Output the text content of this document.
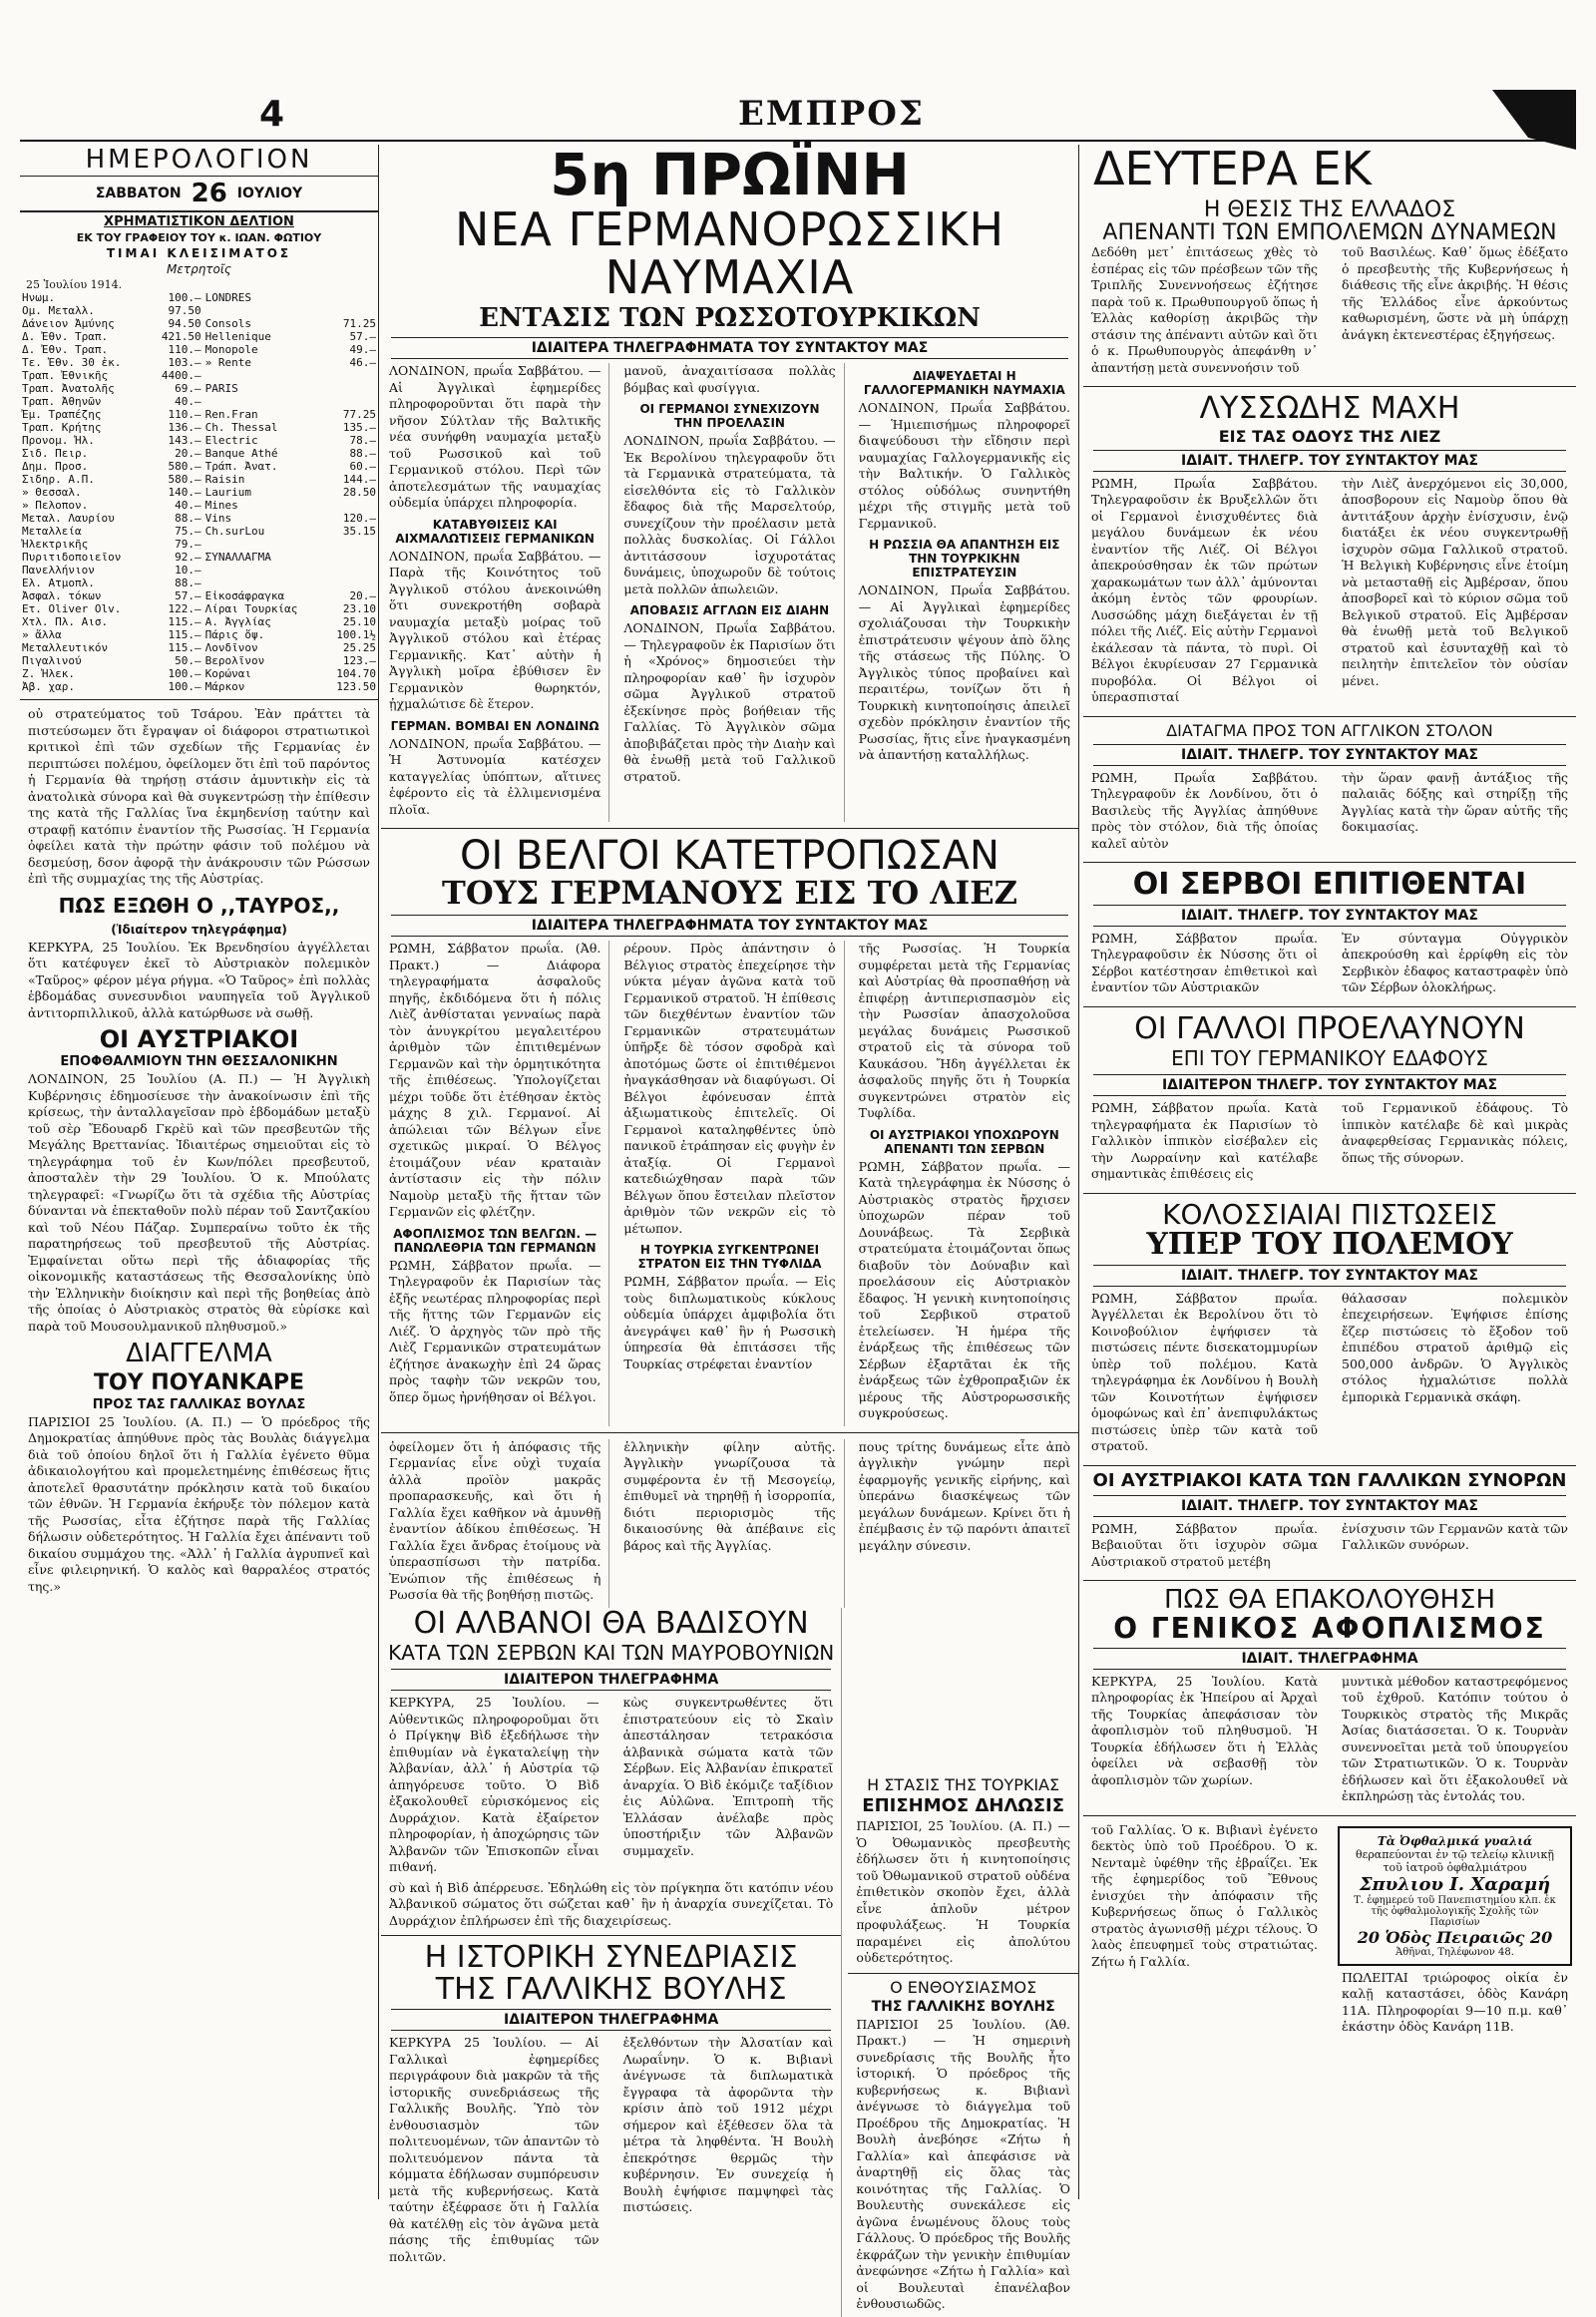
4	ΕΜΠΡΟΣ
ΗΜΕΡΟΛΟΓΙΟΝ
ΣΑΒΒΑΤΟΝ 26 ΙΟΥΛΙΟΥ
ΧΡΗΜΑΤΙΣΤΙΚΟΝ ΔΕΛΤΙΟΝ
ΕΚ ΤΟΥ ΓΡΑΦΕΙΟΥ ΤΟΥ κ. ΙΩΑΝ. ΦΩΤΙΟΥ
ΤΙΜΑΙ ΚΛΕΙΣΙΜΑΤΟΣ
Μετρητοῖς
25 Ἰουλίου 1914.
Ηνωμ.	100.—	LONDRES	
Ομ. Μεταλλ.	97.50		
Δάνειον Ἀμύνης	94.50	Consols	71.25
Δ. Ἐθν. Τραπ.	421.50	Hellenique	57.—
Δ. Ἐθν. Τραπ.	110.—	Monopole	49.—
Τε. Ἐθν. 30 ἐκ.	103.—	» Rente	46.—
Τραπ. Ἐθνικῆς	4400.—		
Τραπ. Ἀνατολῆς	69.—	PARIS	
Τραπ. Ἀθηνῶν	40.—		
Ἐμ. Τραπέζης	110.—	Ren.Fran	77.25
Τραπ. Κρήτης	136.—	Ch. Thessal	135.—
Προνομ. Ἠλ.	143.—	Electric	78.—
Σιδ. Πειρ.	20.—	Banque Athé	88.—
Δημ. Προσ.	580.—	Τράπ. Ἀνατ.	60.—
Σιδηρ. Α.Π.	580.—	Raisin	144.—
» Θεσσαλ.	140.—	Laurium	28.50
» Πελοπον.	40.—	Mines	
Μεταλ. Λαυρίου	88.—	Vins	120.—
Μεταλλεία	75.—	Ch.surLou	35.15
Ἠλεκτρικῆς	79.—		
Πυριτιδοποιεῖον	92.—	ΣΥΝΑΛΛΑΓΜΑ	
Πανελλήνιον	10.—		
Ελ. Ατμοπλ.	88.—		
Ἀσφαλ. τόκων	57.—	Εἰκοσάφραγκα	20.—
Ετ. Oliver Olv.	122.—	Λίραι Τουρκίας	23.10
Χτλ. Πλ. Αισ.	115.—	Α. Ἀγγλίας	25.10
» ἄλλα	115.—	Πάρις ὄψ.	100.1½
Μεταλλευτικόν	115.—	Λονδῖνον	25.25
Πιγαλινού	50.—	Βερολῖνον	123.—
Ζ. Ἠλεκ.	100.—	Κορώναι	104.70
Ἀβ. χαρ.	100.—	Μάρκον	123.50

οὐ στρατεύματος τοῦ Τσάρου. Ἐὰν πράττει τὰ πιστεύσωμεν ὅτι ἔγραψαν οἱ διάφοροι στρατιωτικοὶ κριτικοὶ ἐπὶ τῶν σχεδίων τῆς Γερμανίας ἐν περιπτώσει πολέμου, ὀφείλομεν ὅτι ἐπὶ τοῦ παρόντος ἡ Γερμανία θὰ τηρήσῃ στάσιν ἀμυντικὴν εἰς τὰ ἀνατολικὰ σύνορα καὶ θὰ συγκεντρώσῃ τὴν ἐπίθεσιν της κατὰ τῆς Γαλλίας ἵνα ἐκμηδενίσῃ ταύτην καὶ στραφῇ κατόπιν ἐναντίον τῆς Ρωσσίας. Ἡ Γερμανία ὀφείλει κατὰ τὴν πρώτην φάσιν τοῦ πολέμου νὰ δεσμεύσῃ, δσον ἀφορᾷ τὴν ἀνάκρουσιν τῶν Ρώσσων ἐπὶ τῆς συμμαχίας της τῆς Αὐστρίας.

ΠΩΣ ΕΞΩΘΗ Ο ,,ΤΑΥΡΟΣ,,
(Ἰδιαίτερον τηλεγράφημα)

ΚΕΡΚΥΡΑ, 25 Ἰουλίου. Ἐκ Βρενδησίου ἀγγέλλεται ὅτι κατέφυγεν ἐκεῖ τὸ Αὐστριακὸν πολεμικὸν «Ταῦρος» φέρον μέγα ρήγμα. «Ὁ Ταῦρος» ἐπὶ πολλὰς ἑβδομάδας συνεσυνδιοι ναυπηγεῖα τοῦ Ἀγγλικοῦ ἀντιτορπιλλικοῦ, ἀλλὰ κατώρθωσε νὰ σωθῇ.

ΟΙ ΑΥΣΤΡΙΑΚΟΙ
ΕΠΟΦΘΑΛΜΙΟΥΝ ΤΗΝ ΘΕΣΣΑΛΟΝΙΚΗΝ

ΛΟΝΔΙΝΟΝ, 25 Ἰουλίου (Α. Π.) — Ἡ Ἀγγλικὴ Κυβέρνησις ἐδημοσίευσε τὴν ἀνακοίνωσιν ἐπὶ τῆς κρίσεως, τὴν ἀνταλλαγεῖσαν πρὸ ἑβδομάδων μεταξὺ τοῦ σὲρ Ἔδουαρδ Γκρὲϋ καὶ τῶν πρεσβευτῶν τῆς Μεγάλης Βρεττανίας. Ἰδιαιτέρως σημειοῦται εἰς τὸ τηλεγράφημα τοῦ ἐν Κων/πόλει πρεσβευτοῦ, ἀποσταλὲν τὴν 29 Ἰουλίου. Ὁ κ. Μπούλατς τηλεγραφεῖ: «Γνωρίζω ὅτι τὰ σχέδια τῆς Αὐστρίας δύνανται νὰ ἐπεκταθοῦν πολὺ πέραν τοῦ Σαντζακίου καὶ τοῦ Νέου Πάζαρ. Συμπεραίνω τοῦτο ἐκ τῆς παρατηρήσεως τοῦ πρεσβευτοῦ τῆς Αὐστρίας. Ἐμφαίνεται οὕτω περὶ τῆς ἀδιαφορίας τῆς οἰκονομικῆς καταστάσεως τῆς Θεσσαλονίκης ὑπὸ τὴν Ἑλληνικὴν διοίκησιν καὶ περὶ τῆς βοηθείας ἀπὸ τῆς ὁποίας ὁ Αὐστριακὸς στρατὸς θὰ εὑρίσκε καὶ παρὰ τοῦ Μουσουλμανικοῦ πληθυσμοῦ.»

ΔΙΑΓΓΕΛΜΑ
ΤΟΥ ΠΟΥΑΝΚΑΡΕ
ΠΡΟΣ ΤΑΣ ΓΑΛΛΙΚΑΣ ΒΟΥΛΑΣ

ΠΑΡΙΣΙΟΙ 25 Ἰουλίου. (Α. Π.) — Ὁ πρόεδρος τῆς Δημοκρατίας ἀπηύθυνε πρὸς τὰς Βουλὰς διάγγελμα διὰ τοῦ ὁποίου δηλοῖ ὅτι ἡ Γαλλία ἐγένετο θῦμα ἀδικαιολογήτου καὶ προμελετημένης ἐπιθέσεως ἥτις ἀποτελεῖ θρασυτάτην πρόκλησιν κατὰ τοῦ δικαίου τῶν ἐθνῶν. Ἡ Γερμανία ἐκήρυξε τὸν πόλεμον κατὰ τῆς Ρωσσίας, εἶτα ἐζήτησε παρὰ τῆς Γαλλίας δήλωσιν οὐδετερότητος. Ἡ Γαλλία ἔχει ἀπέναντι τοῦ δικαίου συμμάχου της. «Ἀλλ᾽ ἡ Γαλλία ἀγρυπνεῖ καὶ εἶνε φιλειρηνική. Ὁ καλὸς καὶ θαρραλέος στρατός της.»

5η ΠΡΩΪΝΗ
ΝΕΑ ΓΕΡΜΑΝΟΡΩΣΣΙΚΗ ΝΑΥΜΑΧΙΑ
ΕΝΤΑΣΙΣ ΤΩΝ ΡΩΣΣΟΤΟΥΡΚΙΚΩΝ
ΙΔΙΑΙΤΕΡΑ ΤΗΛΕΓΡΑΦΗΜΑΤΑ ΤΟΥ ΣΥΝΤΑΚΤΟΥ ΜΑΣ

ΛΟΝΔΙΝΟΝ, πρωΐα Σαββάτου. — Αἱ Ἀγγλικαὶ ἐφημερίδες πληροφοροῦνται ὅτι παρὰ τὴν νῆσον Σύλτλαν τῆς Βαλτικῆς νέα συνήφθη ναυμαχία μεταξὺ τοῦ Ρωσσικοῦ καὶ τοῦ Γερμανικοῦ στόλου. Περὶ τῶν ἀποτελεσμάτων τῆς ναυμαχίας οὐδεμία ὑπάρχει πληροφορία.

ΚΑΤΑΒΥΘΙΣΕΙΣ ΚΑΙ ΑΙΧΜΑΛΩΤΙΣΕΙΣ ΓΕΡΜΑΝΙΚΩΝ

ΛΟΝΔΙΝΟΝ, πρωΐα Σαββάτου. — Παρὰ τῆς Κοινότητος τοῦ Ἀγγλικοῦ στόλου ἀνεκοινώθη ὅτι συνεκροτήθη σοβαρὰ ναυμαχία μεταξὺ μοίρας τοῦ Ἀγγλικοῦ στόλου καὶ ἑτέρας Γερμανικῆς. Κατ᾽ αὐτὴν ἡ Ἀγγλικὴ μοῖρα ἐβύθισεν ἓν Γερμανικὸν θωρηκτόν, ᾐχμαλώτισε δὲ ἕτερον.

ΓΕΡΜΑΝ. ΒΟΜΒΑΙ ΕΝ ΛΟΝΔΙΝΩ

ΛΟΝΔΙΝΟΝ, πρωΐα Σαββάτου. — Ἡ Ἀστυνομία κατέσχεν καταγγελίας ὑπόπτων, αἵτινες ἐφέροντο εἰς τὰ ἐλλιμενισμένα πλοῖα.

μανοῦ, ἀναχαιτίσασα πολλὰς βόμβας καὶ φυσίγγια.

ΟΙ ΓΕΡΜΑΝΟΙ ΣΥΝΕΧΙΖΟΥΝ ΤΗΝ ΠΡΟΕΛΑΣΙΝ

ΛΟΝΔΙΝΟΝ, πρωΐα Σαββάτου. — Ἐκ Βερολίνου τηλεγραφοῦν ὅτι τὰ Γερμανικὰ στρατεύματα, τὰ εἰσελθόντα εἰς τὸ Γαλλικὸν ἔδαφος διὰ τῆς Μαρσελτούρ, συνεχίζουν τὴν προέλασιν μετὰ πολλὰς δυσκολίας. Οἱ Γάλλοι ἀντιτάσσουν ἰσχυροτάτας δυνάμεις, ὑποχωροῦν δὲ τούτοις μετὰ πολλῶν ἀπωλειῶν.

ΑΠΟΒΑΣΙΣ ΑΓΓΛΩΝ ΕΙΣ ΔΙΑΗΝ

ΛΟΝΔΙΝΟΝ, Πρωΐα Σαββάτου. — Τηλεγραφοῦν ἐκ Παρισίων ὅτι ἡ «Χρόνος» δημοσιεύει τὴν πληροφορίαν καθ᾽ ἣν ἰσχυρὸν σῶμα Ἀγγλικοῦ στρατοῦ ἐξεκίνησε πρὸς βοήθειαν τῆς Γαλλίας. Τὸ Ἀγγλικὸν σῶμα ἀποβιβάζεται πρὸς τὴν Διαὴν καὶ θὰ ἑνωθῇ μετὰ τοῦ Γαλλικοῦ στρατοῦ.

ΔΙΑΨΕΥΔΕΤΑΙ Η ΓΑΛΛΟΓΕΡΜΑΝΙΚΗ ΝΑΥΜΑΧΙΑ

ΛΟΝΔΙΝΟΝ, Πρωΐα Σαββάτου. — Ἡμιεπισήμως πληροφορεῖ διαψεύδουσι τὴν εἴδησιν περὶ ναυμαχίας Γαλλογερμανικῆς εἰς τὴν Βαλτικήν. Ὁ Γαλλικὸς στόλος οὐδόλως συνηντήθη μέχρι τῆς στιγμῆς μετὰ τοῦ Γερμανικοῦ.

Η ΡΩΣΣΙΑ ΘΑ ΑΠΑΝΤΗΣΗ ΕΙΣ ΤΗΝ ΤΟΥΡΚΙΚΗΝ ΕΠΙΣΤΡΑΤΕΥΣΙΝ

ΛΟΝΔΙΝΟΝ, Πρωΐα Σαββάτου. — Αἱ Ἀγγλικαὶ ἐφημερίδες σχολιάζουσαι τὴν Τουρκικὴν ἐπιστράτευσιν ψέγουν ἀπὸ ὅλης τῆς στάσεως τῆς Πύλης. Ὁ Ἀγγλικὸς τύπος προβαίνει καὶ περαιτέρω, τονίζων ὅτι ἡ Τουρκικὴ κινητοποίησις ἀπειλεῖ σχεδὸν πρόκλησιν ἐναντίον τῆς Ρωσσίας, ἥτις εἶνε ἠναγκασμένη νὰ ἀπαντήσῃ καταλλήλως.

ΟΙ ΒΕΛΓΟΙ ΚΑΤΕΤΡΟΠΩΣΑΝ
ΤΟΥΣ ΓΕΡΜΑΝΟΥΣ ΕΙΣ ΤΟ ΛΙΕΖ
ΙΔΙΑΙΤΕΡΑ ΤΗΛΕΓΡΑΦΗΜΑΤΑ ΤΟΥ ΣΥΝΤΑΚΤΟΥ ΜΑΣ

ΡΩΜΗ, Σάββατον πρωΐα. (Ἀθ. Πρακτ.) — Διάφορα τηλεγραφήματα ἀσφαλοῦς πηγῆς, ἐκδιδόμενα ὅτι ἡ πόλις Λιὲζ ἀνθίσταται γενναίως παρὰ τὸν ἀνυγκρίτου μεγαλειτέρου ἀριθμὸν τῶν ἐπιτιθεμένων Γερμανῶν καὶ τὴν ὁρμητικότητα τῆς ἐπιθέσεως. Ὑπολογίζεται μέχρι τοῦδε ὅτι ἐτέθησαν ἐκτὸς μάχης 8 χιλ. Γερμανοί. Αἱ ἀπώλειαι τῶν Βέλγων εἶνε σχετικῶς μικραί. Ὁ Βέλγος ἑτοιμάζουν νέαν κραταιὰν ἀντίστασιν εἰς τὴν πόλιν Ναμοὺρ μεταξὺ τῆς ἥτταν τῶν Γερμανῶν εἰς φλέτζην.

ΑΦΟΠΛΙΣΜΟΣ ΤΩΝ ΒΕΛΓΩΝ. — ΠΑΝΩΛΕΘΡΙΑ ΤΩΝ ΓΕΡΜΑΝΩΝ

ΡΩΜΗ, Σάββατον πρωΐα. — Τηλεγραφοῦν ἐκ Παρισίων τὰς ἑξῆς νεωτέρας πληροφορίας περὶ τῆς ἥττης τῶν Γερμανῶν εἰς Λιέζ. Ὁ ἀρχηγὸς τῶν πρὸ τῆς Λιὲζ Γερμανικῶν στρατευμάτων ἐζήτησε ἀνακωχὴν ἐπὶ 24 ὥρας πρὸς ταφὴν τῶν νεκρῶν του, ὅπερ ὅμως ἠρνήθησαν οἱ Βέλγοι.

ρέρουν. Πρὸς ἀπάντησιν ὁ Βέλγιος στρατὸς ἐπεχείρησε τὴν νύκτα μέγαν ἀγῶνα κατὰ τοῦ Γερμανικοῦ στρατοῦ. Ἡ ἐπίθεσις τῶν διεχθέντων ἐναντίον τῶν Γερμανικῶν στρατευμάτων ὑπῆρξε δὲ τόσον σφοδρὰ καὶ ἀποτόμως ὥστε οἱ ἐπιτιθέμενοι ἠναγκάσθησαν νὰ διαφύγωσι. Οἱ Βέλγοι ἐφόνευσαν ἑπτὰ ἀξιωματικοὺς ἐπιτελεῖς. Οἱ Γερμανοὶ καταληφθέντες ὑπὸ πανικοῦ ἐτράπησαν εἰς φυγὴν ἐν ἀταξίᾳ. Οἱ Γερμανοὶ κατεδιώχθησαν παρὰ τῶν Βέλγων ὅπου ἔστειλαν πλεῖστον ἀριθμὸν τῶν νεκρῶν εἰς τὸ μέτωπον.

Η ΤΟΥΡΚΙΑ ΣΥΓΚΕΝΤΡΩΝΕΙ ΣΤΡΑΤΟΝ ΕΙΣ ΤΗΝ ΤΥΦΛΙΔΑ

ΡΩΜΗ, Σάββατον πρωΐα. — Εἰς τοὺς διπλωματικοὺς κύκλους οὐδεμία ὑπάρχει ἀμφιβολία ὅτι ἀνεγράψει καθ᾽ ἣν ἡ Ρωσσικὴ ὑπηρεσία θὰ ἐπιτάσσει τῆς Τουρκίας στρέφεται ἐναντίον

τῆς Ρωσσίας. Ἡ Τουρκία συμφέρεται μετὰ τῆς Γερμανίας καὶ Αὐστρίας θὰ προσπαθήσῃ νὰ ἐπιφέρῃ ἀντιπερισπασμὸν εἰς τὴν Ρωσσίαν ἀπασχολοῦσα μεγάλας δυνάμεις Ρωσσικοῦ στρατοῦ εἰς τὰ σύνορα τοῦ Καυκάσου. Ἤδη ἀγγέλλεται ἐκ ἀσφαλοῦς πηγῆς ὅτι ἡ Τουρκία συγκεντρώνει στρατὸν εἰς Τυφλίδα.

ΟΙ ΑΥΣΤΡΙΑΚΟΙ ΥΠΟΧΩΡΟΥΝ ΑΠΕΝΑΝΤΙ ΤΩΝ ΣΕΡΒΩΝ

ΡΩΜΗ, Σάββατον πρωΐα. — Κατὰ τηλεγράφημα ἐκ Νύσσης ὁ Αὐστριακὸς στρατὸς ἤρχισεν ὑποχωρῶν πέραν τοῦ Δουνάβεως. Τὰ Σερβικὰ στρατεύματα ἐτοιμάζονται ὅπως διαβοῦν τὸν Δούναβιν καὶ προελάσουν εἰς Αὐστριακὸν ἔδαφος. Ἡ γενικὴ κινητοποίησις τοῦ Σερβικοῦ στρατοῦ ἐτελείωσεν. Ἡ ἡμέρα τῆς ἐνάρξεως τῆς ἐπιθέσεως τῶν Σέρβων ἐξαρτᾶται ἐκ τῆς ἐνάρξεως τῶν ἐχθροπραξιῶν ἐκ μέρους τῆς Αὐστρορωσσικῆς συγκρούσεως.

ὀφείλομεν ὅτι ἡ ἀπόφασις τῆς Γερμανίας εἶνε οὐχὶ τυχαία ἀλλὰ προϊὸν μακρᾶς προπαρασκευῆς, καὶ ὅτι ἡ Γαλλία ἔχει καθῆκον νὰ ἀμυνθῇ ἐναντίον ἀδίκου ἐπιθέσεως. Ἡ Γαλλία ἔχει ἄνδρας ἑτοίμους νὰ ὑπερασπίσωσι τὴν πατρίδα. Ἐνώπιον τῆς ἐπιθέσεως ἡ Ρωσσία θὰ τῆς βοηθήσῃ πιστῶς.

ἑλληνικὴν φίλην αὐτῆς. Ἀγγλικὴν γνωρίζουσα τὰ συμφέροντα ἐν τῇ Μεσογείῳ, ἐπιθυμεῖ νὰ τηρηθῇ ἡ ἰσορροπία, διότι περιορισμὸς τῆς δικαιοσύνης θὰ ἀπέβαινε εἰς βάρος καὶ τῆς Ἀγγλίας.

πους τρίτης δυνάμεως εἶτε ἀπὸ ἀγγλικὴν γνώμην περὶ ἐφαρμογῆς γενικῆς εἰρήνης, καὶ ὑπεράνω διασκέψεως τῶν μεγάλων δυνάμεων. Κρίνει ὅτι ἡ ἐπέμβασις ἐν τῷ παρόντι ἀπαιτεῖ μεγάλην σύνεσιν.

ΟΙ ΑΛΒΑΝΟΙ ΘΑ ΒΑΔΙΣΟΥΝ
ΚΑΤΑ ΤΩΝ ΣΕΡΒΩΝ ΚΑΙ ΤΩΝ ΜΑΥΡΟΒΟΥΝΙΩΝ
ΙΔΙΑΙΤΕΡΟΝ ΤΗΛΕΓΡΑΦΗΜΑ

ΚΕΡΚΥΡΑ, 25 Ἰουλίου. — Αὐθεντικῶς πληροφοροῦμαι ὅτι ὁ Πρίγκηψ Βὶδ ἐξεδήλωσε τὴν ἐπιθυμίαν νὰ ἐγκαταλείψῃ τὴν Ἀλβανίαν, ἀλλ᾽ ἡ Αὐστρία τῷ ἀπηγόρευσε τοῦτο. Ὁ Βὶδ ἐξακολουθεῖ εὑρισκόμενος εἰς Δυρράχιον. Κατὰ ἐξαίρετον πληροφορίαν, ἡ ἀποχώρησις τῶν Ἀλβανῶν τῶν Ἐπισκοπῶν εἶναι πιθανή.

κὼς συγκεντρωθέντες ὅτι ἐπιστρατεύουν εἰς τὸ Σκαὶν ἀπεστάλησαν τετρακόσια ἀλβανικὰ σώματα κατὰ τῶν Σέρβων. Εἰς Ἀλβανίαν ἐπικρατεῖ ἀναρχία. Ὁ Βὶδ ἐκόμιζε ταξίδιον ἐις Αὐλῶνα. Ἐπιτροπὴ τῆς Ἑλλάσαν ἀνέλαβε πρὸς ὑποστήριξιν τῶν Ἀλβανῶν συμμαχεῖν.

σὺ καὶ ἡ Βὶδ ἀπέρρευσε. Ἐδηλώθη εἰς τὸν πρίγκηπα ὅτι κατόπιν νέου Ἀλβανικοῦ σώματος ὅτι σώζεται καθ᾽ ἣν ἡ ἀναρχία συνεχίζεται. Τὸ Δυρράχιον ἐπλήρωσεν ἐπὶ τῆς διαχειρίσεως.

Η ΙΣΤΟΡΙΚΗ ΣΥΝΕΔΡΙΑΣΙΣ
ΤΗΣ ΓΑΛΛΙΚΗΣ ΒΟΥΛΗΣ
ΙΔΙΑΙΤΕΡΟΝ ΤΗΛΕΓΡΑΦΗΜΑ

ΚΕΡΚΥΡΑ 25 Ἰουλίου. — Αἱ Γαλλικαὶ ἐφημερίδες περιγράφουν διὰ μακρῶν τὰ τῆς ἱστορικῆς συνεδριάσεως τῆς Γαλλικῆς Βουλῆς. Ὑπὸ τὸν ἐνθουσιασμὸν τῶν πολιτευομένων, τῶν ἀπαντῶν τὸ πολιτευόμενον πάντα τὰ κόμματα ἐδήλωσαν συμπόρευσιν μετὰ τῆς κυβερνήσεως. Κατὰ ταύτην ἐξέφρασε ὅτι ἡ Γαλλία θὰ κατέλθῃ εἰς τὸν ἀγῶνα μετὰ πάσης τῆς ἐπιθυμίας τῶν πολιτῶν.

ἐξελθόντων τὴν Ἀλσατίαν καὶ Λωραΐνην. Ὁ κ. Βιβιανὶ ἀνέγνωσε τὰ διπλωματικὰ ἔγγραφα τὰ ἀφορῶντα τὴν κρίσιν ἀπὸ τοῦ 1912 μέχρι σήμερον καὶ ἐξέθεσεν ὅλα τὰ μέτρα τὰ ληφθέντα. Ἡ Βουλὴ ἐπεκρότησε θερμῶς τὴν κυβέρνησιν. Ἐν συνεχείᾳ ἡ Βουλὴ ἐψήφισε παμψηφεὶ τὰς πιστώσεις.

Η ΣΤΑΣΙΣ ΤΗΣ ΤΟΥΡΚΙΑΣ
ΕΠΙΣΗΜΟΣ ΔΗΛΩΣΙΣ

ΠΑΡΙΣΙΟΙ, 25 Ἰουλίου. (Α. Π.) — Ὁ Ὀθωμανικὸς πρεσβευτὴς ἐδήλωσεν ὅτι ἡ κινητοποίησις τοῦ Ὀθωμανικοῦ στρατοῦ οὐδένα ἐπιθετικὸν σκοπὸν ἔχει, ἀλλὰ εἶνε ἀπλοῦν μέτρον προφυλάξεως. Ἡ Τουρκία παραμένει εἰς ἀπολύτου οὐδετερότητος.

Ο ΕΝΘΟΥΣΙΑΣΜΟΣ
ΤΗΣ ΓΑΛΛΙΚΗΣ ΒΟΥΛΗΣ

ΠΑΡΙΣΙΟΙ 25 Ἰουλίου. (Ἀθ. Πρακτ.) — Ἡ σημερινὴ συνεδρίασις τῆς Βουλῆς ἦτο ἱστορική. Ὁ πρόεδρος τῆς κυβερνήσεως κ. Βιβιανὶ ἀνέγνωσε τὸ διάγγελμα τοῦ Προέδρου τῆς Δημοκρατίας. Ἡ Βουλὴ ἀνεβόησε «Ζήτω ἡ Γαλλία» καὶ ἀπεφάσισε νὰ ἀναρτηθῇ εἰς ὅλας τὰς κοινότητας τῆς Γαλλίας. Ὁ Βουλευτὴς συνεκάλεσε εἰς ἀγῶνα ἑνωμένους ὅλους τοὺς Γάλλους. Ὁ πρόεδρος τῆς Βουλῆς ἐκφράζων τὴν γενικὴν ἐπιθυμίαν ἀνεφώνησε «Ζήτω ἡ Γαλλία» καὶ οἱ Βουλευταὶ ἐπανέλαβον ἐνθουσιωδῶς.

ΔΕΥΤΕΡΑ ΕΚ
Η ΘΕΣΙΣ ΤΗΣ ΕΛΛΑΔΟΣ
ΑΠΕΝΑΝΤΙ ΤΩΝ ΕΜΠΟΛΕΜΩΝ ΔΥΝΑΜΕΩΝ

Δεδόθη μετ᾽ ἐπιτάσεως χθὲς τὸ ἑσπέρας εἰς τῶν πρέσβεων τῶν τῆς Τριπλῆς Συνεννοήσεως ἐζήτησε παρὰ τοῦ κ. Πρωθυπουργοῦ ὅπως ἡ Ἑλλὰς καθορίσῃ ἀκριβῶς τὴν στάσιν της ἀπέναντι αὐτῶν καὶ ὅτι ὁ κ. Πρωθυπουργὸς ἀπεφάνθη ν᾽ ἀπαντήσῃ μετὰ συνεννοήσιν τοῦ

τοῦ Βασιλέως. Καθ᾽ ὅμως ἐδέξατο ὁ πρεσβευτὴς τῆς Κυβερνήσεως ἡ διάθεσις τῆς εἶνε ἀκριβής. Ἡ θέσις τῆς Ἑλλάδος εἶνε ἀρκούντως καθωρισμένη, ὥστε νὰ μὴ ὑπάρχῃ ἀνάγκη ἐκτενεστέρας ἐξηγήσεως.

ΛΥΣΣΩΔΗΣ ΜΑΧΗ
ΕΙΣ ΤΑΣ ΟΔΟΥΣ ΤΗΣ ΛΙΕΖ
ΙΔΙΑΙΤ. ΤΗΛΕΓΡ. ΤΟΥ ΣΥΝΤΑΚΤΟΥ ΜΑΣ

ΡΩΜΗ, Πρωΐα Σαββάτου. Τηλεγραφοῦσιν ἐκ Βρυξελλῶν ὅτι οἱ Γερμανοὶ ἐνισχυθέντες διὰ μεγάλου δυνάμεων ἐκ νέου ἐναντίον τῆς Λιέζ. Οἱ Βέλγοι ἀπεκρούσθησαν ἐκ τῶν πρώτων χαρακωμάτων των ἀλλ᾽ ἀμύνονται ἀκόμη ἐντὸς τῶν φρουρίων. Λυσσώδης μάχη διεξάγεται ἐν τῇ πόλει τῆς Λιέζ. Εἰς αὐτὴν Γερμανοὶ ἐκάλεσαν τὰ πάντα, τὸ πυρὶ. Οἱ Βέλγοι ἐκυρίευσαν 27 Γερμανικὰ πυροβόλα. Οἱ Βέλγοι οἱ ὑπερασπισταί

τὴν Λιὲζ ἀνερχόμενοι εἰς 30,000, ἀποσβορουν εἰς Ναμοὺρ ὅπου θὰ ἀντιτάξουν ἀρχὴν ἐνίσχυσιν, ἐνῷ διατάξει ἐκ νέου συγκεντρωθῇ ἰσχυρὸν σῶμα Γαλλικοῦ στρατοῦ. Ἡ Βελγικὴ Κυβέρνησις εἶνε ἑτοίμη νὰ μετασταθῇ εἰς Ἀμβέρσαν, ὅπου ἀποσβορεῖ καὶ τὸ κύριον σῶμα τοῦ Βελγικοῦ στρατοῦ. Εἰς Ἀμβέρσαν θὰ ἐνωθῇ μετὰ τοῦ Βελγικοῦ στρατοῦ καὶ ἐσυνταχθῇ καὶ τὸ πειλητὴν ἐπιτελεῖον τὸν οὐσίαν μένει.

ΔΙΑΤΑΓΜΑ ΠΡΟΣ ΤΟΝ ΑΓΓΛΙΚΟΝ ΣΤΟΛΟΝ
ΙΔΙΑΙΤ. ΤΗΛΕΓΡ. ΤΟΥ ΣΥΝΤΑΚΤΟΥ ΜΑΣ

ΡΩΜΗ, Πρωΐα Σαββάτου. Τηλεγραφοῦν ἐκ Λονδίνου, ὅτι ὁ Βασιλεὺς τῆς Ἀγγλίας ἀπηύθυνε πρὸς τὸν στόλον, διὰ τῆς ὁποίας καλεῖ αὐτὸν

τὴν ὥραν φανῇ ἀντάξιος τῆς παλαιᾶς δόξης καὶ στηρίξῃ τῆς Ἀγγλίας κατὰ τὴν ὥραν αὐτῆς τῆς δοκιμασίας.

ΟΙ ΣΕΡΒΟΙ ΕΠΙΤΙΘΕΝΤΑΙ
ΙΔΙΑΙΤ. ΤΗΛΕΓΡ. ΤΟΥ ΣΥΝΤΑΚΤΟΥ ΜΑΣ

ΡΩΜΗ, Σάββατον πρωΐα. Τηλεγραφοῦσιν ἐκ Νύσσης ὅτι οἱ Σέρβοι κατέστησαν ἐπιθετικοὶ καὶ ἐναντίον τῶν Αὐστριακῶν

Ἐν σύνταγμα Οὐγγρικὸν ἀπεκρούσθη καὶ ἐρρίφθη εἰς τὸν Σερβικὸν ἐδαφος καταστραφὲν ὑπὸ τῶν Σέρβων ὁλοκλήρως.

ΟΙ ΓΑΛΛΟΙ ΠΡΟΕΛΑΥΝΟΥΝ
ΕΠΙ ΤΟΥ ΓΕΡΜΑΝΙΚΟΥ ΕΔΑΦΟΥΣ
ΙΔΙΑΙΤΕΡΟΝ ΤΗΛΕΓΡ. ΤΟΥ ΣΥΝΤΑΚΤΟΥ ΜΑΣ

ΡΩΜΗ, Σάββατον πρωΐα. Κατὰ τηλεγραφήματα ἐκ Παρισίων τὸ Γαλλικὸν ἱππικὸν εἰσέβαλεν εἰς τὴν Λωρραίνην καὶ κατέλαβε σημαντικὰς ἐπιθέσεις εἰς

τοῦ Γερμανικοῦ ἐδάφους. Τὸ ἱππικὸν κατέλαβε δὲ καὶ μικρὰς ἀναφερθείσας Γερμανικὰς πόλεις, ὅπως τῆς σύνορων.

ΚΟΛΟΣΣΙΑΙΑΙ ΠΙΣΤΩΣΕΙΣ
ΥΠΕΡ ΤΟΥ ΠΟΛΕΜΟΥ
ΙΔΙΑΙΤ. ΤΗΛΕΓΡ. ΤΟΥ ΣΥΝΤΑΚΤΟΥ ΜΑΣ

ΡΩΜΗ, Σάββατον πρωΐα. Ἀγγέλλεται ἐκ Βερολίνου ὅτι τὸ Κοινοβούλιον ἐψήφισεν τὰ πιστώσεις πέντε δισεκατομμυρίων ὑπὲρ τοῦ πολέμου. Κατὰ τηλεγράφημα ἐκ Λονδίνου ἡ Βουλὴ τῶν Κοινοτήτων ἐψήφισεν ὁμοφώνως καὶ ἐπ᾽ ἀνεπιφυλάκτως πιστώσεις ὑπὲρ τῶν κατὰ τοῦ στρατοῦ.

θάλασσαν πολεμικὸν ἐπεχειρήσεων. Ἐψήφισε ἐπίσης ἔζερ πιστώσεις τὸ ἔξοδον τοῦ ἐπιπέδου στρατοῦ ἀριθμῷ εἰς 500,000 ἀνδρῶν. Ὁ Ἀγγλικὸς στόλος ἠχμαλώτισε πολλὰ ἐμπορικὰ Γερμανικὰ σκάφη.

ΟΙ ΑΥΣΤΡΙΑΚΟΙ ΚΑΤΑ ΤΩΝ ΓΑΛΛΙΚΩΝ ΣΥΝΟΡΩΝ
ΙΔΙΑΙΤ. ΤΗΛΕΓΡ. ΤΟΥ ΣΥΝΤΑΚΤΟΥ ΜΑΣ

ΡΩΜΗ, Σάββατον πρωΐα. Βεβαιοῦται ὅτι ἰσχυρὸν σῶμα Αὐστριακοῦ στρατοῦ μετέβη

ἐνίσχυσιν τῶν Γερμανῶν κατὰ τῶν Γαλλικῶν συνόρων.

ΠΩΣ ΘΑ ΕΠΑΚΟΛΟΥΘΗΣΗ
Ο ΓΕΝΙΚΟΣ ΑΦΟΠΛΙΣΜΟΣ
ΙΔΙΑΙΤ. ΤΗΛΕΓΡΑΦΗΜΑ

ΚΕΡΚΥΡΑ, 25 Ἰουλίου. Κατὰ πληροφορίας ἐκ Ἠπείρου αἱ Ἀρχαὶ τῆς Τουρκίας ἀπεφάσισαν τὸν ἀφοπλισμὸν τοῦ πληθυσμοῦ. Ἡ Τουρκία ἐδήλωσεν ὅτι ἡ Ἑλλὰς ὀφείλει νὰ σεβασθῇ τὸν ἀφοπλισμὸν τῶν χωρίων.

μυντικὰ μέθοδον καταστρεφόμενος τοῦ ἐχθροῦ. Κατόπιν τούτου ὁ Τουρκικὸς στρατὸς τῆς Μικρᾶς Ἀσίας διατάσσεται. Ὁ κ. Τουρνὰν συνεννοεῖται μετὰ τοῦ ὑπουργείου τῶν Στρατιωτικῶν. Ὁ κ. Τουρνὰν ἐδήλωσεν καὶ ὅτι ἐξακολουθεῖ νὰ ἐκπληρώσῃ τὰς ἐντολάς του.

τοῦ Γαλλίας. Ὁ κ. Βιβιανὶ ἐγένετο δεκτὸς ὑπὸ τοῦ Προέδρου. Ὁ κ. Νενταμὲ ὑφέθην τῆς ἐβραΐζει. Ἐκ τῆς ἐφημερίδος τοῦ Ἔθνους ἐνισχύει τὴν ἀπόφασιν τῆς Κυβερνήσεως ὅπως ὁ Γαλλικὸς στρατὸς ἀγωνισθῇ μέχρι τέλους. Ὁ λαὸς ἐπευφημεῖ τοὺς στρατιώτας. Ζήτω ἡ Γαλλία.

Τὰ Ὀφθαλμικά γυαλιά
θεραπεύονται ἐν τῷ τελείῳ κλινικῇ τοῦ ἰατροῦ ὀφθαλμιάτρου
Σπυλιου Ι. Χαραμή
Τ. ἐφημερεύ τοῦ Πανεπιστημίου κλπ. ἐκ τῆς ὀφθαλμολογικῆς Σχολῆς τῶν Παρισίων
20 Ὁδὸς Πειραιῶς 20
Ἀθῆναι, Τηλέφωνον 48.

ΠΩΛΕΙΤΑΙ τριώροφος οἰκία ἐν καλῇ καταστάσει, ὁδὸς Κανάρη 11Α. Πληροφορίαι 9—10 π.μ. καθ᾽ ἑκάστην ὁδὸς Κανάρη 11Β.
